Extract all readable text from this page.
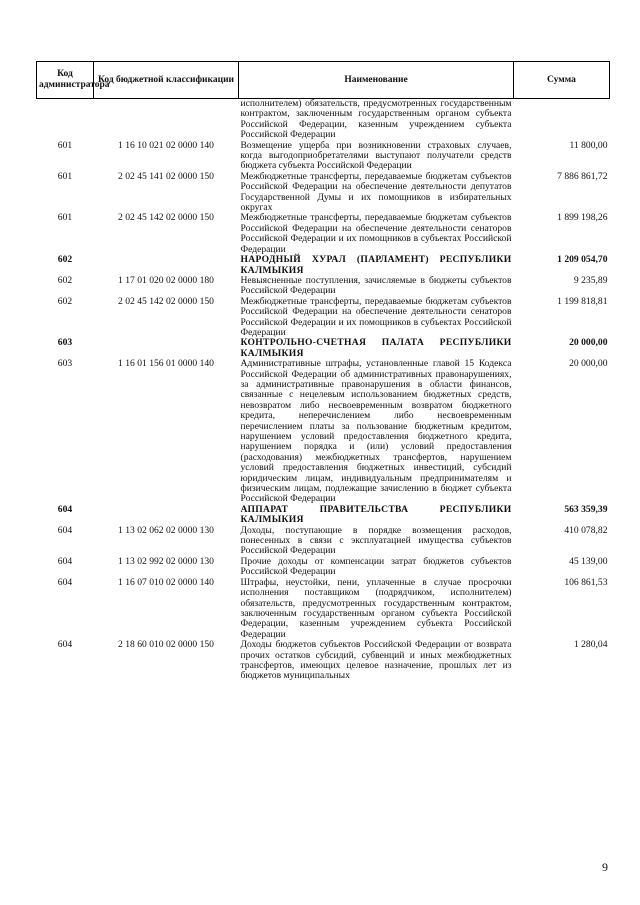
Код администратора	Код бюджетной классификации	Наименование	Сумма
		исполнителем) обязательств, предусмотренных государственным контрактом, заключенным государственным органом субъекта Российской Федерации, казенным учреждением субъекта Российской Федерации	
601	1 16 10 021 02 0000 140	Возмещение ущерба при возникновении страховых случаев, когда выгодоприобретателями выступают получатели средств бюджета субъекта Российской Федерации	11 800,00
601	2 02 45 141 02 0000 150	Межбюджетные трансферты, передаваемые бюджетам субъектов Российской Федерации на обеспечение деятельности депутатов Государственной Думы и их помощников в избирательных округах	7 886 861,72
601	2 02 45 142 02 0000 150	Межбюджетные трансферты, передаваемые бюджетам субъектов Российской Федерации на обеспечение деятельности сенаторов Российской Федерации и их помощников в субъектах Российской Федерации	1 899 198,26
602		НАРОДНЫЙ ХУРАЛ (ПАРЛАМЕНТ) РЕСПУБЛИКИ КАЛМЫКИЯ	1 209 054,70
602	1 17 01 020 02 0000 180	Невыясненные поступления, зачисляемые в бюджеты субъектов Российской Федерации	9 235,89
602	2 02 45 142 02 0000 150	Межбюджетные трансферты, передаваемые бюджетам субъектов Российской Федерации на обеспечение деятельности сенаторов Российской Федерации и их помощников в субъектах Российской Федерации	1 199 818,81
603		КОНТРОЛЬНО-СЧЕТНАЯ ПАЛАТА РЕСПУБЛИКИ КАЛМЫКИЯ	20 000,00
603	1 16 01 156 01 0000 140	Административные штрафы, установленные главой 15 Кодекса Российской Федерации об административных правонарушениях, за административные правонарушения в области финансов, связанные с нецелевым использованием бюджетных средств, невозвратом либо несвоевременным возвратом бюджетного кредита, неперечислением либо несвоевременным перечислением платы за пользование бюджетным кредитом, нарушением условий предоставления бюджетного кредита, нарушением порядка и (или) условий предоставления (расходования) межбюджетных трансфертов, нарушением условий предоставления бюджетных инвестиций, субсидий юридическим лицам, индивидуальным предпринимателям и физическим лицам, подлежащие зачислению в бюджет субъекта Российской Федерации	20 000,00
604		АППАРАТ ПРАВИТЕЛЬСТВА РЕСПУБЛИКИ КАЛМЫКИЯ	563 359,39
604	1 13 02 062 02 0000 130	Доходы, поступающие в порядке возмещения расходов, понесенных в связи с эксплуатацией имущества субъектов Российской Федерации	410 078,82
604	1 13 02 992 02 0000 130	Прочие доходы от компенсации затрат бюджетов субъектов Российской Федерации	45 139,00
604	1 16 07 010 02 0000 140	Штрафы, неустойки, пени, уплаченные в случае просрочки исполнения поставщиком (подрядчиком, исполнителем) обязательств, предусмотренных государственным контрактом, заключенным государственным органом субъекта Российской Федерации, казенным учреждением субъекта Российской Федерации	106 861,53
604	2 18 60 010 02 0000 150	Доходы бюджетов субъектов Российской Федерации от возврата прочих остатков субсидий, субвенций и иных межбюджетных трансфертов, имеющих целевое назначение, прошлых лет из бюджетов муниципальных	1 280,04
9
